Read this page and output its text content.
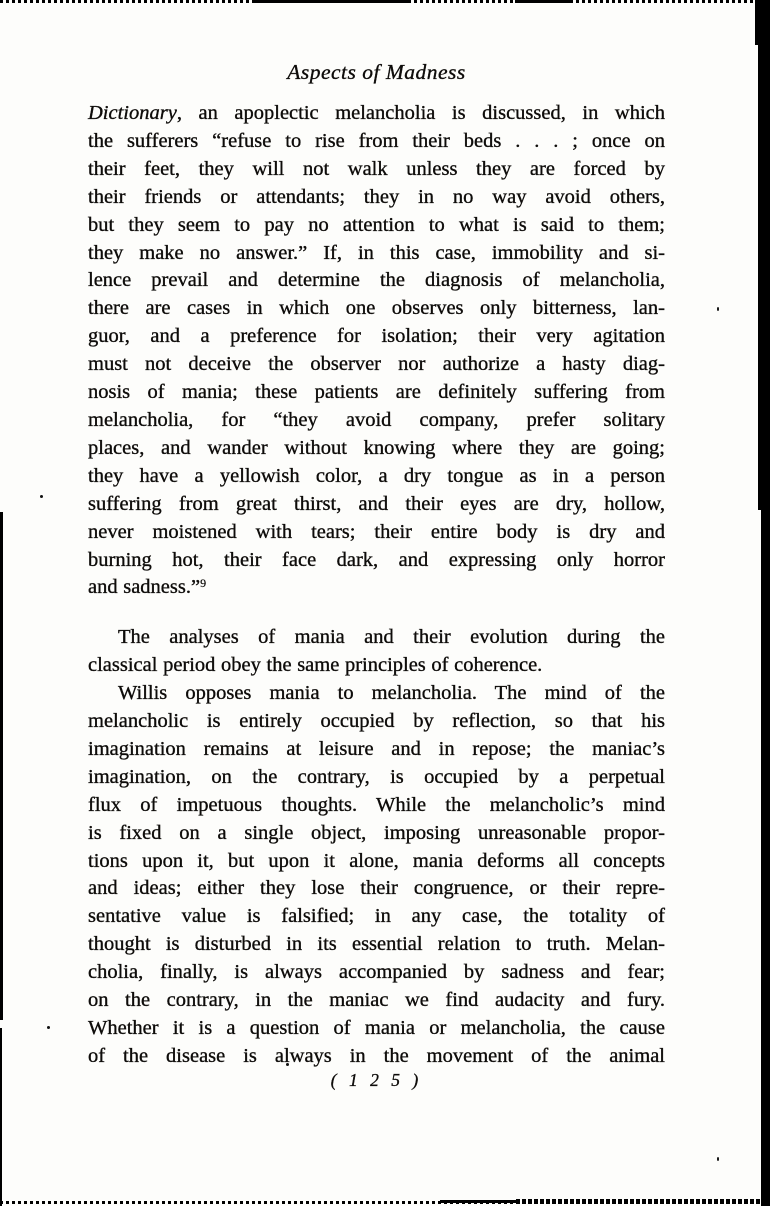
Aspects of Madness
Dictionary, an apoplectic melancholia is discussed, in which
the sufferers “refuse to rise from their beds . . . ; once on
their feet, they will not walk unless they are forced by
their friends or attendants; they in no way avoid others,
but they seem to pay no attention to what is said to them;
they make no answer.” If, in this case, immobility and si-
lence prevail and determine the diagnosis of melancholia,
there are cases in which one observes only bitterness, lan-
guor, and a preference for isolation; their very agitation
must not deceive the observer nor authorize a hasty diag-
nosis of mania; these patients are definitely suffering from
melancholia, for “they avoid company, prefer solitary
places, and wander without knowing where they are going;
they have a yellowish color, a dry tongue as in a person
suffering from great thirst, and their eyes are dry, hollow,
never moistened with tears; their entire body is dry and
burning hot, their face dark, and expressing only horror
and sadness.”$^9$
The analyses of mania and their evolution during the
classical period obey the same principles of coherence.
Willis opposes mania to melancholia. The mind of the
melancholic is entirely occupied by reflection, so that his
imagination remains at leisure and in repose; the maniac’s
imagination, on the contrary, is occupied by a perpetual
flux of impetuous thoughts. While the melancholic’s mind
is fixed on a single object, imposing unreasonable propor-
tions upon it, but upon it alone, mania deforms all concepts
and ideas; either they lose their congruence, or their repre-
sentative value is falsified; in any case, the totality of
thought is disturbed in its essential relation to truth. Melan-
cholia, finally, is always accompanied by sadness and fear;
on the contrary, in the maniac we find audacity and fury.
Whether it is a question of mania or melancholia, the cause
of the disease is always in the movement of the animal
( 1 2 5 )
